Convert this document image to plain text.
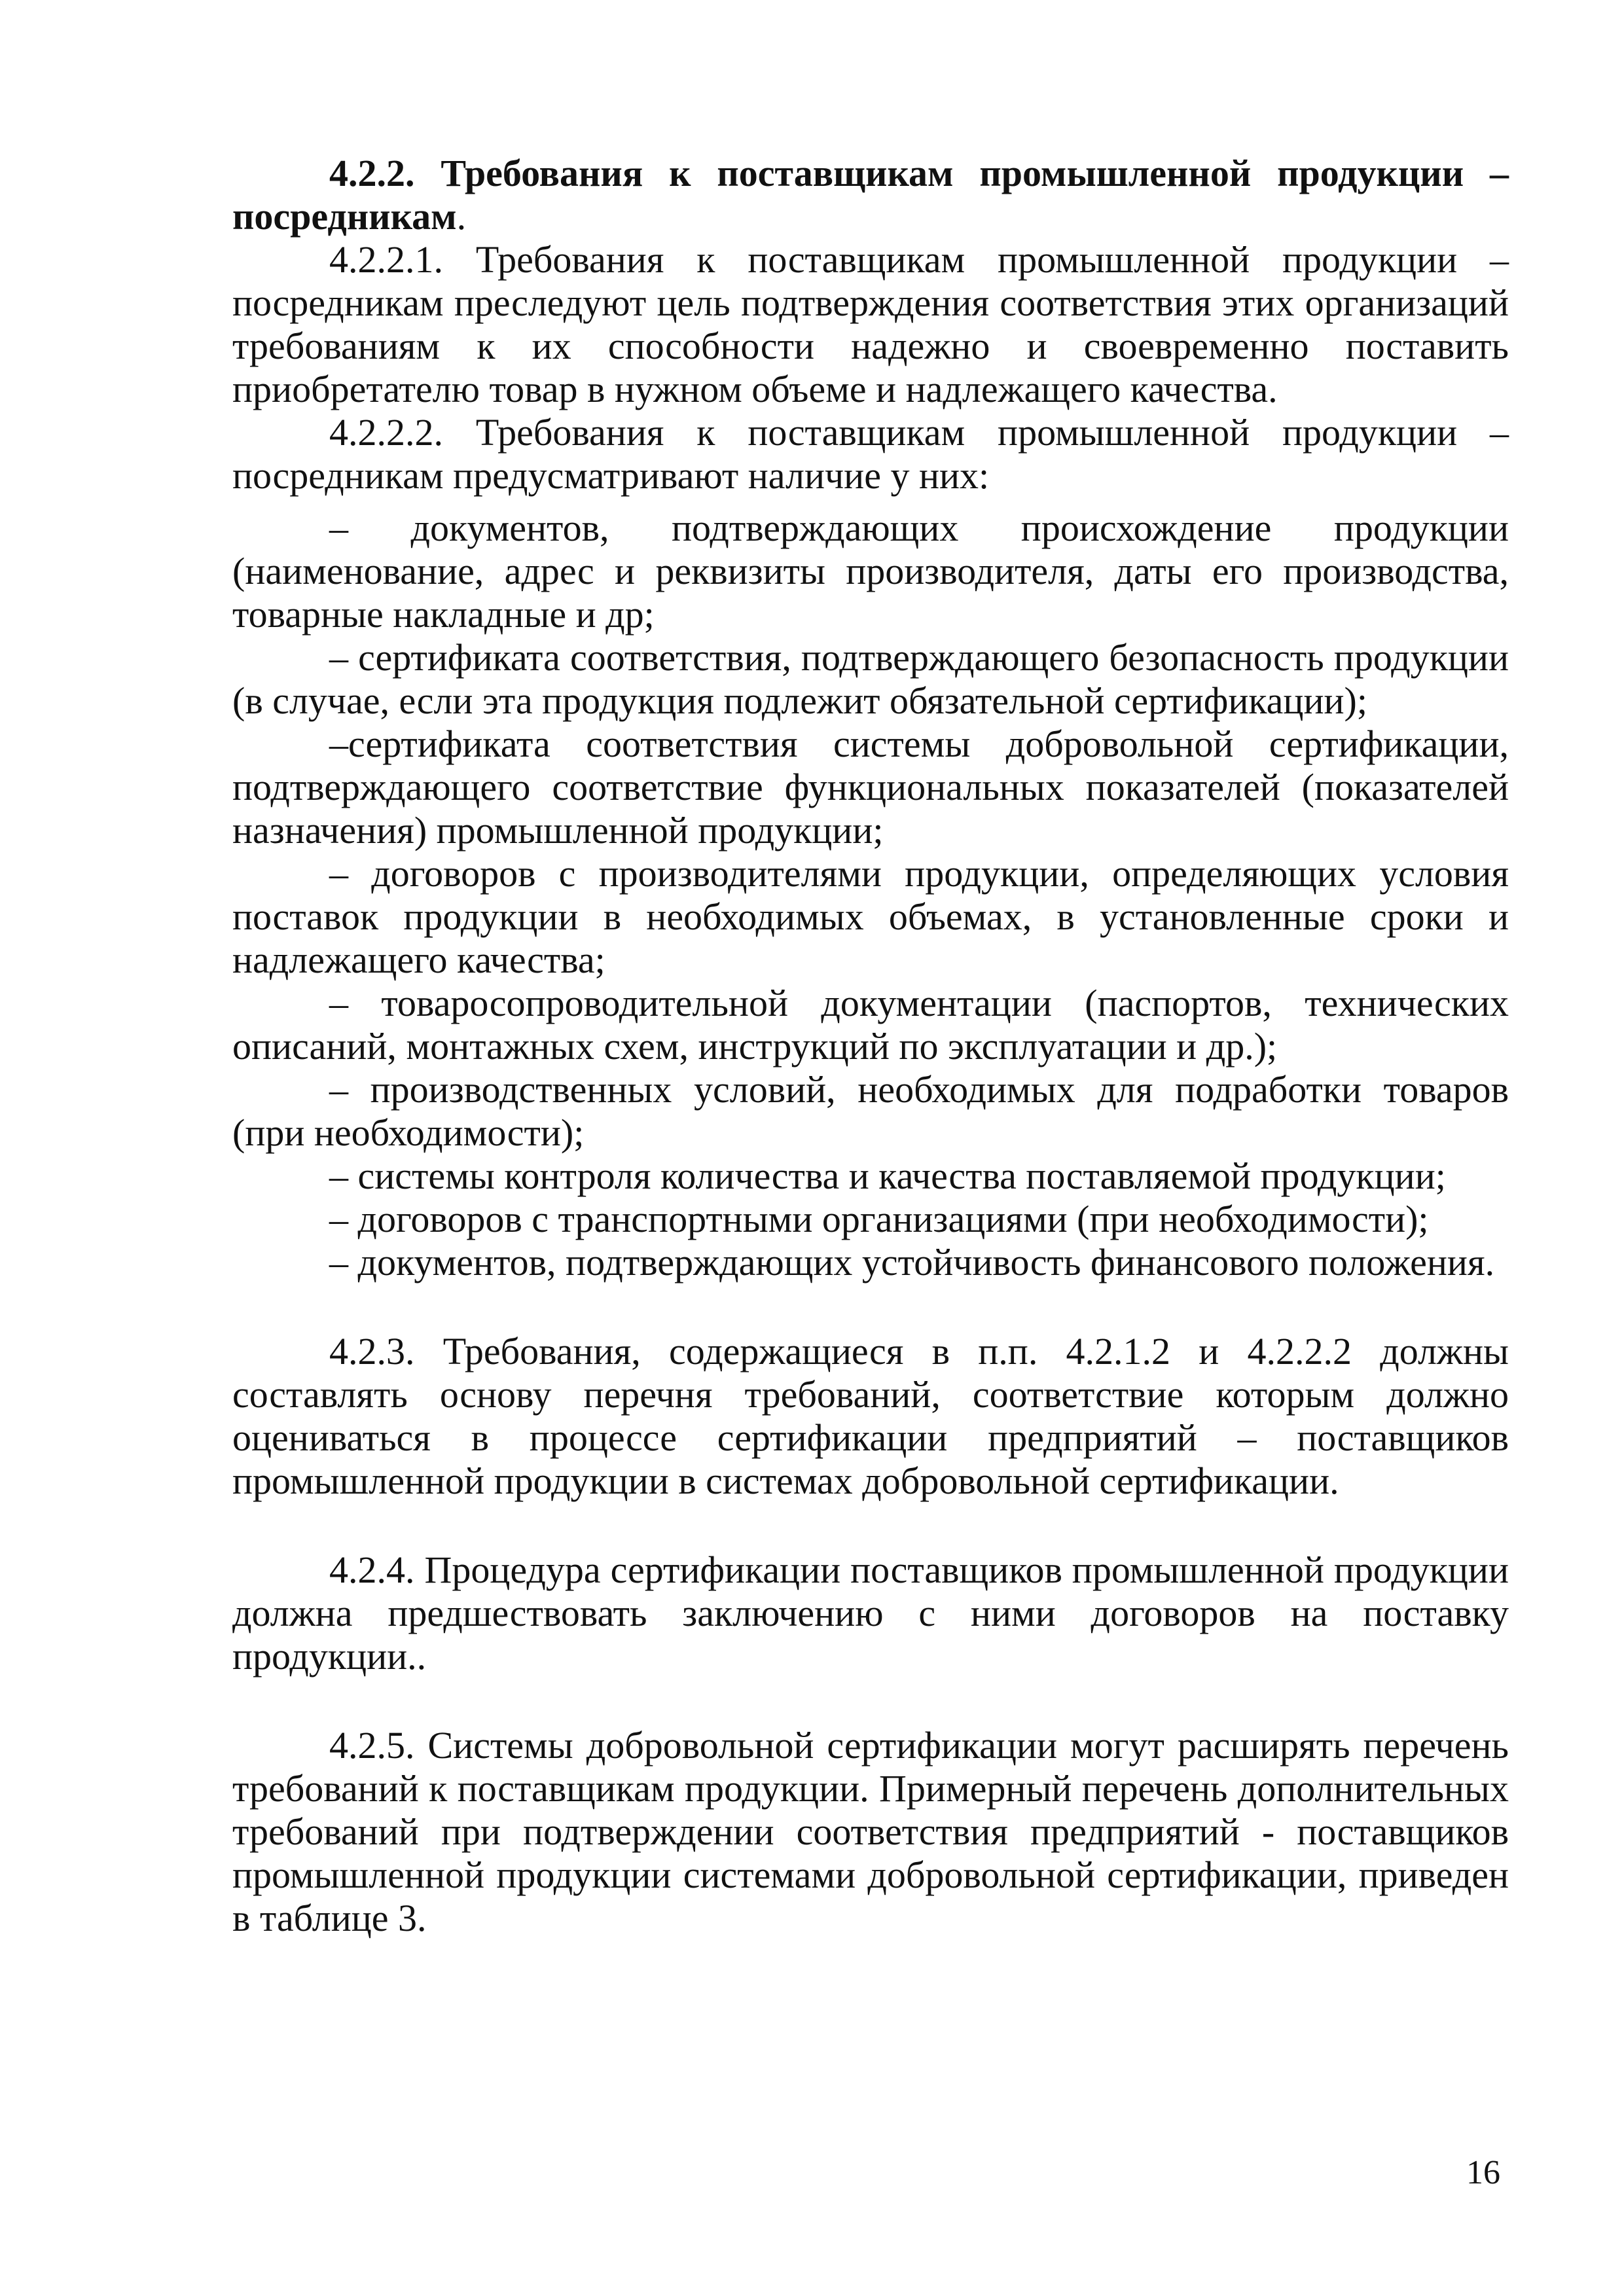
4.2.2. Требования к поставщикам промышленной продукции – посредникам.

4.2.2.1. Требования к поставщикам промышленной продукции – посредникам преследуют цель подтверждения соответствия этих организаций требованиям к их способности надежно и своевременно поставить приобретателю товар в нужном объеме и надлежащего качества.

4.2.2.2. Требования к поставщикам промышленной продукции – посредникам предусматривают наличие у них:

– документов, подтверждающих происхождение продукции (наименование, адрес и реквизиты производителя, даты его производства, товарные накладные и др;

– сертификата соответствия, подтверждающего безопасность продукции (в случае, если эта продукция подлежит обязательной сертификации);

–сертификата соответствия системы добровольной сертификации, подтверждающего соответствие функциональных показателей (показателей назначения) промышленной продукции;

– договоров с производителями продукции, определяющих условия поставок продукции в необходимых объемах, в установленные сроки и надлежащего качества;

– товаросопроводительной документации (паспортов, технических описаний, монтажных схем, инструкций по эксплуатации и др.);

– производственных условий, необходимых для подработки товаров (при необходимости);

– системы контроля количества и качества поставляемой продукции;

– договоров с транспортными организациями (при необходимости);

– документов, подтверждающих устойчивость финансового положения.

4.2.3. Требования, содержащиеся в п.п. 4.2.1.2 и 4.2.2.2 должны составлять основу перечня требований, соответствие которым должно оцениваться в процессе сертификации предприятий – поставщиков промышленной продукции в системах добровольной сертификации.

4.2.4. Процедура сертификации поставщиков промышленной продукции должна предшествовать заключению с ними договоров на поставку продукции..

4.2.5. Системы добровольной сертификации могут расширять перечень требований к поставщикам продукции. Примерный перечень дополнительных требований при подтверждении соответствия предприятий - поставщиков промышленной продукции системами добровольной сертификации, приведен в таблице 3.

16
